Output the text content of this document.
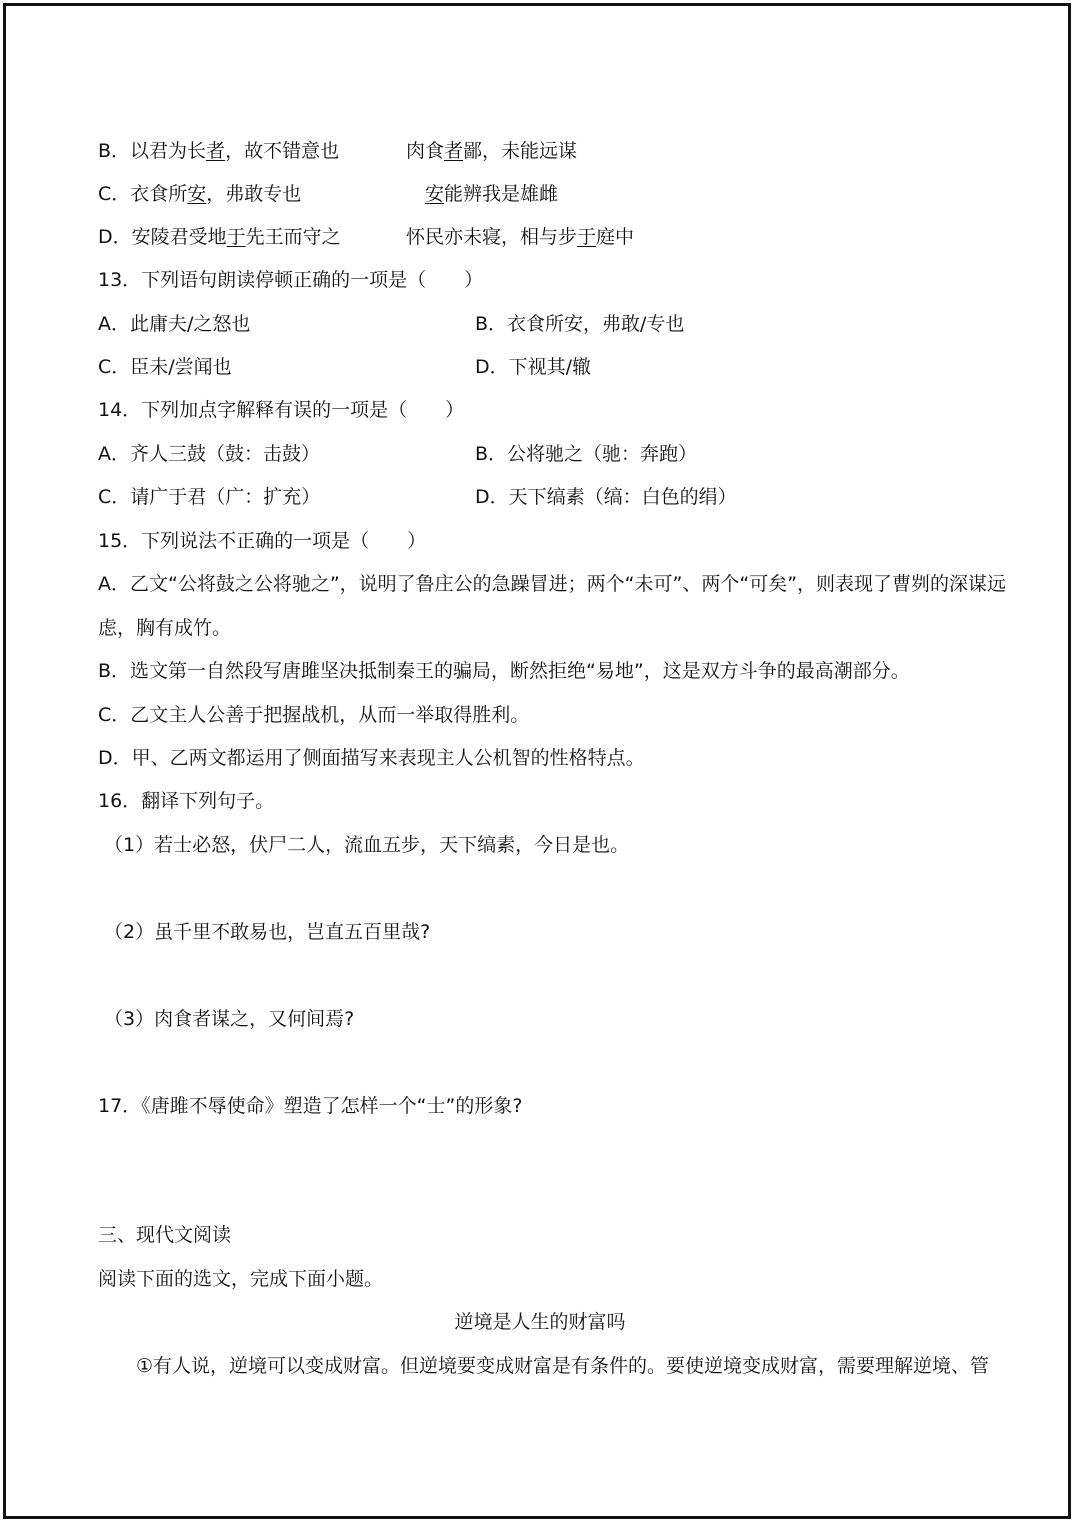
B．以君为长者，故不错意也	肉食者鄙，未能远谋
C．衣食所安，弗敢专也	安能辨我是雄雌
D．安陵君受地于先王而守之	怀民亦未寝，相与步于庭中
13．下列语句朗读停顿正确的一项是（　　）
A．此庸夫/之怒也	B．衣食所安，弗敢/专也
C．臣未/尝闻也	D．下视其/辙
14．下列加点字解释有误的一项是（　　）
A．齐人三鼓（鼓：击鼓）	B．公将驰之（驰：奔跑）
C．请广于君（广：扩充）	D．天下缟素（缟：白色的绢）
15．下列说法不正确的一项是（　　）
A．乙文“公将鼓之公将驰之”，说明了鲁庄公的急躁冒进；两个“未可”、两个“可矣”，则表现了曹刿的深谋远
虑，胸有成竹。
B．选文第一自然段写唐雎坚决抵制秦王的骗局，断然拒绝“易地”，这是双方斗争的最高潮部分。
C．乙文主人公善于把握战机，从而一举取得胜利。
D．甲、乙两文都运用了侧面描写来表现主人公机智的性格特点。
16．翻译下列句子。
（1）若士必怒，伏尸二人，流血五步，天下缟素，今日是也。
（2）虽千里不敢易也，岂直五百里哉?
（3）肉食者谋之，又何间焉?
17．《唐雎不辱使命》塑造了怎样一个“士”的形象?
三、现代文阅读
阅读下面的选文，完成下面小题。
逆境是人生的财富吗
①有人说，逆境可以变成财富。但逆境要变成财富是有条件的。要使逆境变成财富，需要理解逆境、管
